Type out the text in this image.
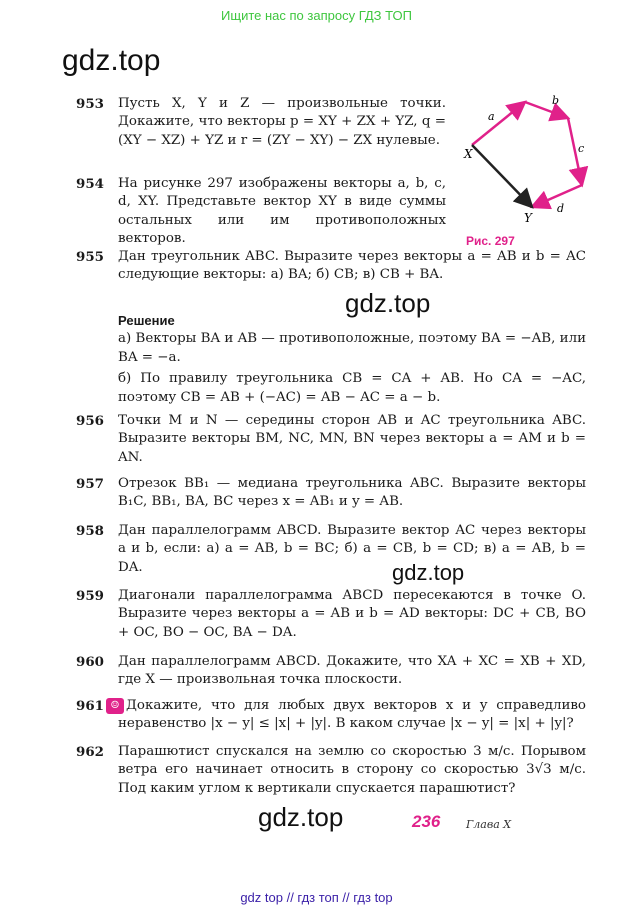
Ищите нас по запросу ГДЗ ТОП
gdz.top
a
b
c
d
X
Y
Рис. 297
953	Пусть X, Y и Z — произвольные точки. Докажите, что векторы p = XY + ZX + YZ, q = (XY − XZ) + YZ и r = (ZY − XY) − ZX нулевые.
954	На рисунке 297 изображены векторы a, b, c, d, XY. Представьте вектор XY в виде суммы остальных или им противоположных векторов.
955	Дан треугольник ABC. Выразите через векторы a = AB и b = AC следующие векторы: а) BA; б) CB; в) CB + BA.
gdz.top
Решение
а) Векторы BA и AB — противоположные, поэтому BA = −AB, или BA = −a.
б) По правилу треугольника CB = CA + AB. Но CA = −AC, поэтому CB = AB + (−AC) = AB − AC = a − b.
956	Точки M и N — середины сторон AB и AC треугольника ABC. Выразите векторы BM, NC, MN, BN через векторы a = AM и b = AN.
957	Отрезок BB₁ — медиана треугольника ABC. Выразите векторы B₁C, BB₁, BA, BC через x = AB₁ и y = AB.
958	Дан параллелограмм ABCD. Выразите вектор AC через векторы a и b, если: а) a = AB, b = BC; б) a = CB, b = CD; в) a = AB, b = DA.	gdz.top
959	Диагонали параллелограмма ABCD пересекаются в точке O. Выразите через векторы a = AB и b = AD векторы: DC + CB, BO + OC, BO − OC, BA − DA.
960	Дан параллелограмм ABCD. Докажите, что XA + XC = XB + XD, где X — произвольная точка плоскости.
961 ☺ Докажите, что для любых двух векторов x и y справедливо неравенство |x − y| ≤ |x| + |y|. В каком случае |x − y| = |x| + |y|?
962	Парашютист спускался на землю со скоростью 3 м/с. Порывом ветра его начинает относить в сторону со скоростью 3√3 м/с. Под каким углом к вертикали спускается парашютист?
gdz.top	236 Глава X
gdz top // гдз топ // гдз top
